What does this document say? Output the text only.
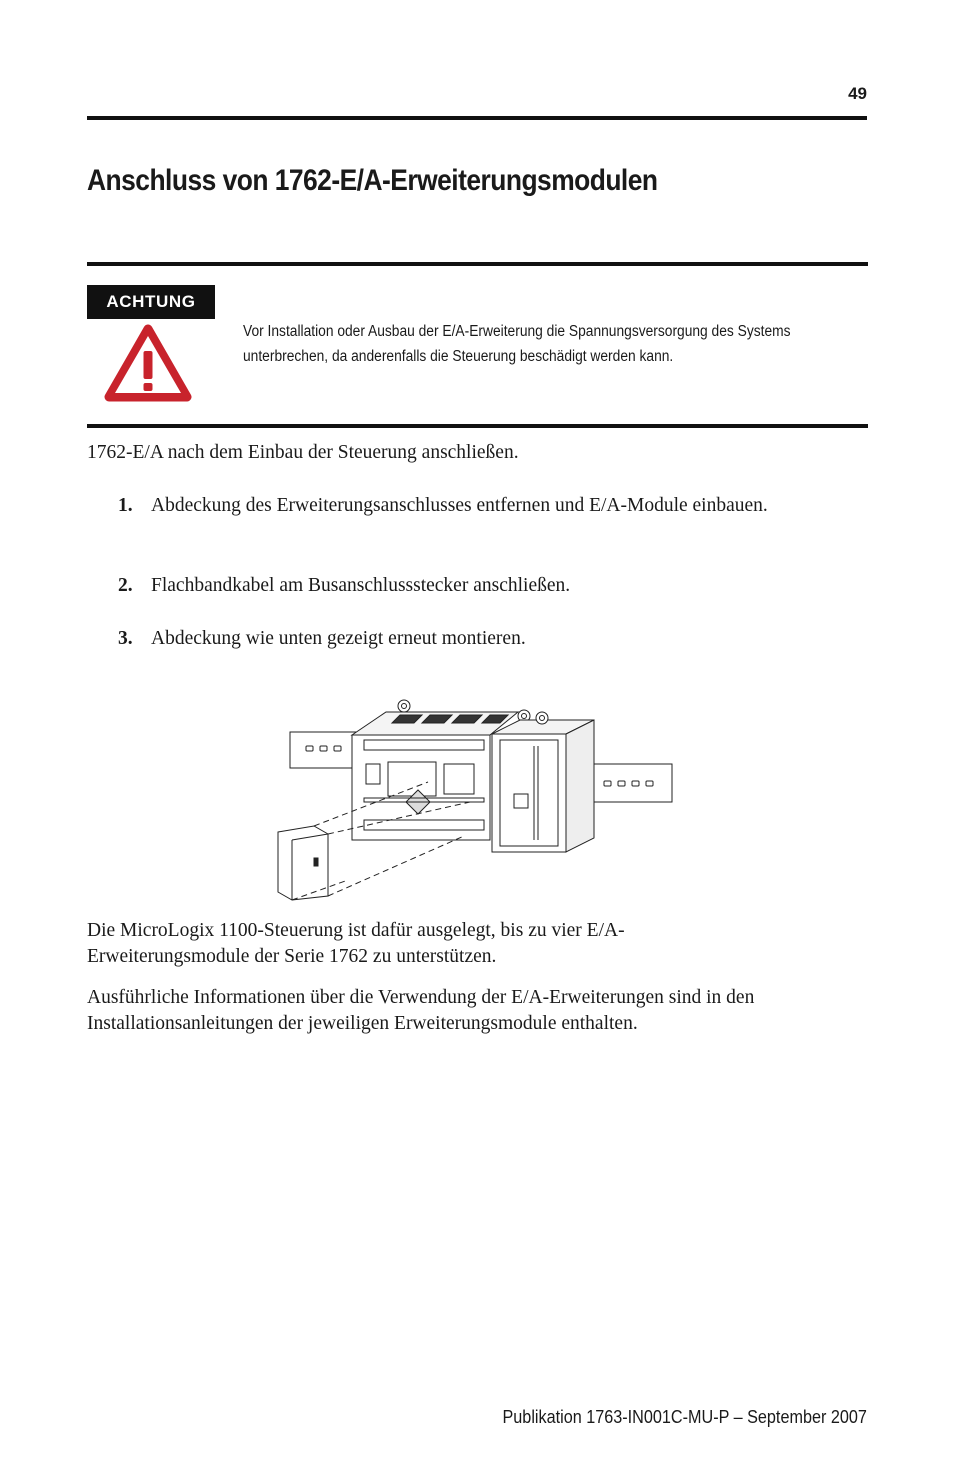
49
Anschluss von 1762-E/A-Erweiterungsmodulen
ACHTUNG
Vor Installation oder Ausbau der E/A-Erweiterung die Spannungsversorgung des Systems unterbrechen, da anderenfalls die Steuerung beschädigt werden kann.
1762-E/A nach dem Einbau der Steuerung anschließen.
1. Abdeckung des Erweiterungsanschlusses entfernen und E/A-Module einbauen.
2. Flachbandkabel am Busanschlussstecker anschließen.
3. Abdeckung wie unten gezeigt erneut montieren.
Die MicroLogix 1100-Steuerung ist dafür ausgelegt, bis zu vier E/A-Erweiterungsmodule der Serie 1762 zu unterstützen.
Ausführliche Informationen über die Verwendung der E/A-Erweiterungen sind in den Installationsanleitungen der jeweiligen Erweiterungsmodule enthalten.
Publikation 1763-IN001C-MU-P – September 2007
